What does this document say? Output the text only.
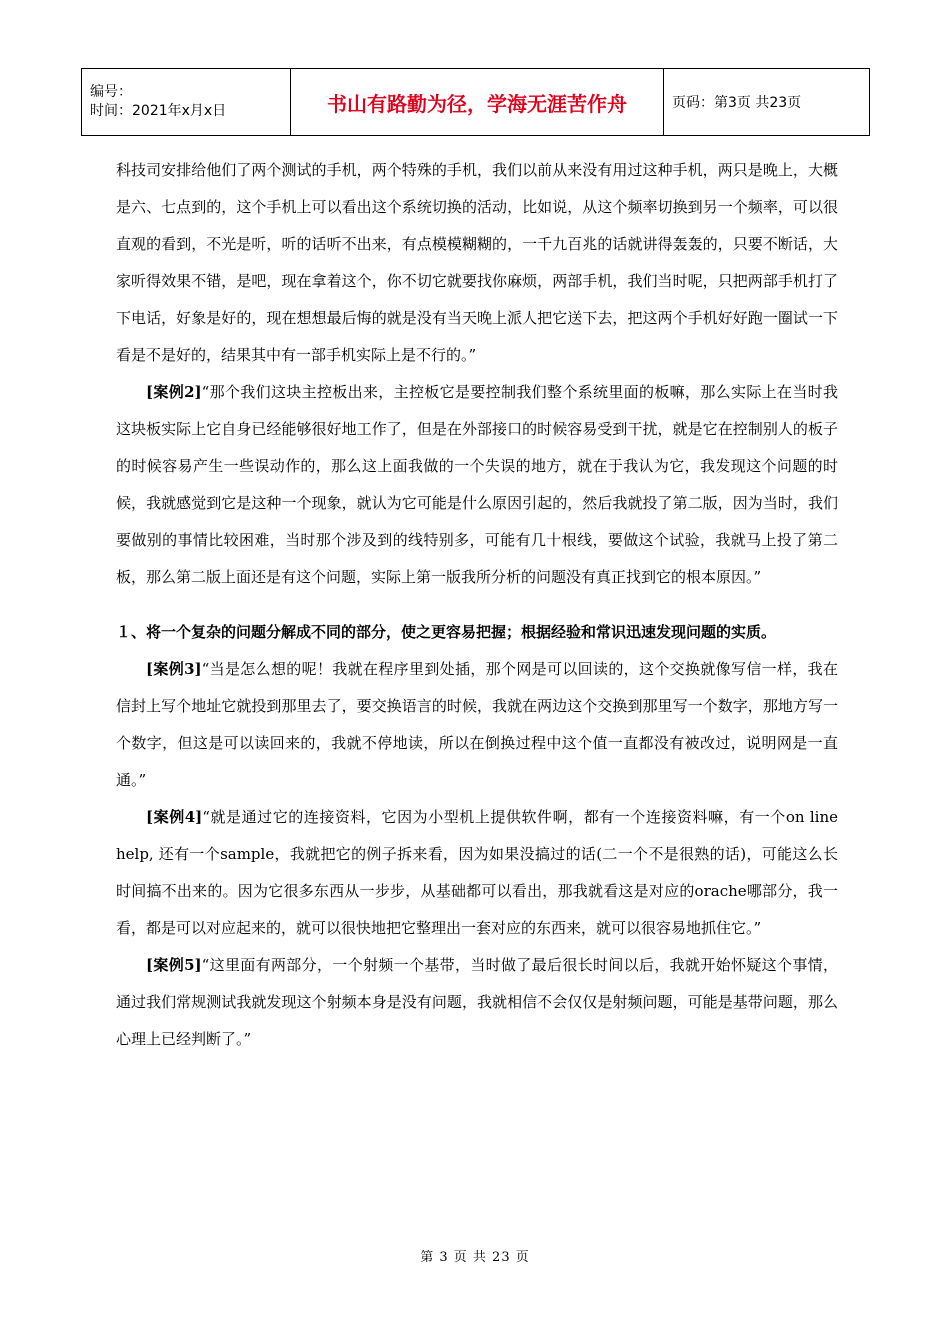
编号：
时间：2021年x月x日	书山有路勤为径，学海无涯苦作舟	页码：第3页 共23页

科技司安排给他们了两个测试的手机，两个特殊的手机，我们以前从来没有用过这种手机，两只是晚上，大概是六、七点到的，这个手机上可以看出这个系统切换的活动，比如说，从这个频率切换到另一个频率，可以很直观的看到，不光是听，听的话听不出来，有点模模糊糊的，一千九百兆的话就讲得轰轰的，只要不断话，大家听得效果不错，是吧，现在拿着这个，你不切它就要找你麻烦，两部手机，我们当时呢，只把两部手机打了下电话，好象是好的，现在想想最后悔的就是没有当天晚上派人把它送下去，把这两个手机好好跑一圈试一下看是不是好的，结果其中有一部手机实际上是不行的。”

[案例2]“那个我们这块主控板出来，主控板它是要控制我们整个系统里面的板嘛，那么实际上在当时我这块板实际上它自身已经能够很好地工作了，但是在外部接口的时候容易受到干扰，就是它在控制别人的板子的时候容易产生一些误动作的，那么这上面我做的一个失误的地方，就在于我认为它，我发现这个问题的时候，我就感觉到它是这种一个现象，就认为它可能是什么原因引起的，然后我就投了第二版，因为当时，我们要做别的事情比较困难，当时那个涉及到的线特别多，可能有几十根线，要做这个试验，我就马上投了第二板，那么第二版上面还是有这个问题，实际上第一版我所分析的问题没有真正找到它的根本原因。”

１、将一个复杂的问题分解成不同的部分，使之更容易把握；根据经验和常识迅速发现问题的实质。

[案例3]“当是怎么想的呢！我就在程序里到处插，那个网是可以回读的，这个交换就像写信一样，我在信封上写个地址它就投到那里去了，要交换语言的时候，我就在两边这个交换到那里写一个数字，那地方写一个数字，但这是可以读回来的，我就不停地读，所以在倒换过程中这个值一直都没有被改过，说明网是一直通。”

[案例4]“就是通过它的连接资料，它因为小型机上提供软件啊，都有一个连接资料嘛，有一个on line help, 还有一个sample，我就把它的例子拆来看，因为如果没搞过的话(二一个不是很熟的话)，可能这么长时间搞不出来的。因为它很多东西从一步步，从基础都可以看出，那我就看这是对应的orache哪部分，我一看，都是可以对应起来的，就可以很快地把它整理出一套对应的东西来，就可以很容易地抓住它。”

[案例5]“这里面有两部分，一个射频一个基带，当时做了最后很长时间以后，我就开始怀疑这个事情，通过我们常规测试我就发现这个射频本身是没有问题，我就相信不会仅仅是射频问题，可能是基带问题，那么心理上已经判断了。”

第 3 页 共 23 页
